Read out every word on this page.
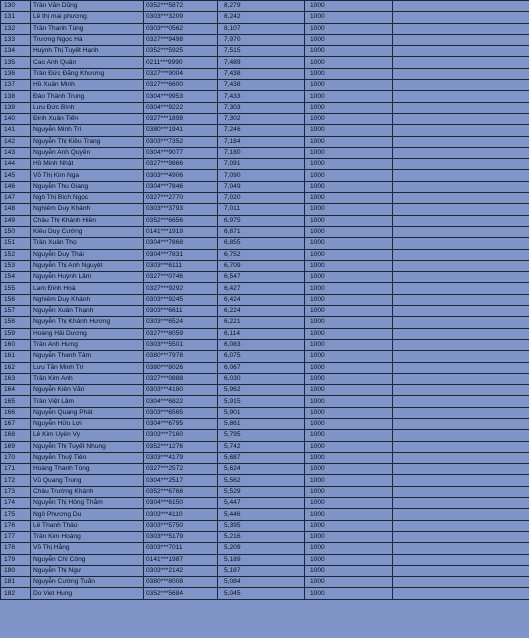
130	Trần Văn Dũng	0352***5872	8,279	1000	
131	Lê thị mai phương	0303***3209	8,242	1000	
132	Trần Thanh Tùng	0303***0562	8,107	1000	
133	Trương Ngọc Hà	0327***9498	7,970	1000	
134	Huỳnh Thị Tuyết Hạnh	0352***5925	7,515	1000	
135	Cao Anh Quân	0211***9990	7,489	1000	
136	Trần Đức Đăng Khương	0327***9004	7,438	1000	
137	Hồ Xuân Minh	0327***6600	7,438	1000	
138	Đào Thành Trung	0304***9953	7,433	1000	
139	Lưu Đức Bình	0304***9222	7,303	1000	
140	Đinh Xuân Tiến	0327***1898	7,302	1000	
141	Nguyễn Minh Trí	0380***1941	7,246	1000	
142	Nguyễn Thị Kiều Trang	0303***7352	7,184	1000	
143	Nguyễn Anh Quyền	0304***9077	7,180	1000	
144	Hồ Minh Nhật	0327***9866	7,091	1000	
145	Võ Thị Kim Nga	0303***4906	7,090	1000	
146	Nguyễn Thu Giang	0304***7846	7,049	1000	
147	Ngô Thị Bích Ngọc	0327***2770	7,020	1000	
148	Nghiêm Duy Khánh	0303***3793	7,011	1000	
149	Châu Thị Khánh Hiền	0352***6656	6,975	1000	
150	Kiều Duy Cường	0141***1919	6,871	1000	
151	Trần Xuân Thọ	0304***7868	6,855	1000	
152	Nguyễn Duy Thái	0304***7831	6,752	1000	
153	Nguyễn Thị Anh Nguyệt	0303***6111	6,709	1000	
154	Nguyễn Huỳnh Lâm	0327***0746	6,547	1000	
155	Lam Đình Hoà	0327***9292	6,427	1000	
156	Nghiêm Duy Khánh	0303***9245	6,424	1000	
157	Nguyễn Xuân Thạnh	0303***6611	6,224	1000	
158	Nguyễn Thị Khánh Hương	0303***6524	6,221	1000	
159	Hoàng Hải Dương	0327***8059	6,114	1000	
160	Trần Anh Hưng	0303***5501	6,083	1000	
161	Nguyễn Thanh Tâm	0380***7978	6,075	1000	
162	Lưu Tấn Minh Trí	0380***8026	6,067	1000	
163	Trần Kim Anh	0327***0888	6,030	1000	
164	Nguyễn Kiên Văn	0303***4180	5,962	1000	
165	Trần Việt Lâm	0304***6822	5,915	1000	
166	Nguyễn Quang Phát	0303***6565	5,901	1000	
167	Nguyễn Hữu Lợi	0304***6795	5,861	1000	
168	Lê Kim Uyên Vy	0303***7160	5,795	1000	
169	Nguyễn Thị Tuyết Nhung	0352***1276	5,742	1000	
170	Nguyễn Thuỷ Tiên	0303***4179	5,687	1000	
171	Hoàng Thanh Tùng	0327***2572	5,624	1000	
172	Vũ Quang Trung	0304***2517	5,562	1000	
173	Châu Trường Khánh	0352***6768	5,529	1000	
174	Nguyễn Thị Hồng Thắm	0304***6150	5,447	1000	
175	Ngô Phương Du	0303***4110	5,446	1000	
176	Lê Thanh Thảo	0303***5750	5,395	1000	
177	Trần Kim Hoàng	0303***5179	5,216	1000	
178	Võ Thị Hằng	0303***7011	5,209	1000	
179	Nguyễn Chí Công	0141***1987	5,189	1000	
180	Nguyễn Thị Ngư	0303***2142	5,187	1000	
181	Nguyễn Cường Tuấn	0380***8008	5,084	1000	
182	Do Viet Hung	0352***5684	5,045	1000	
